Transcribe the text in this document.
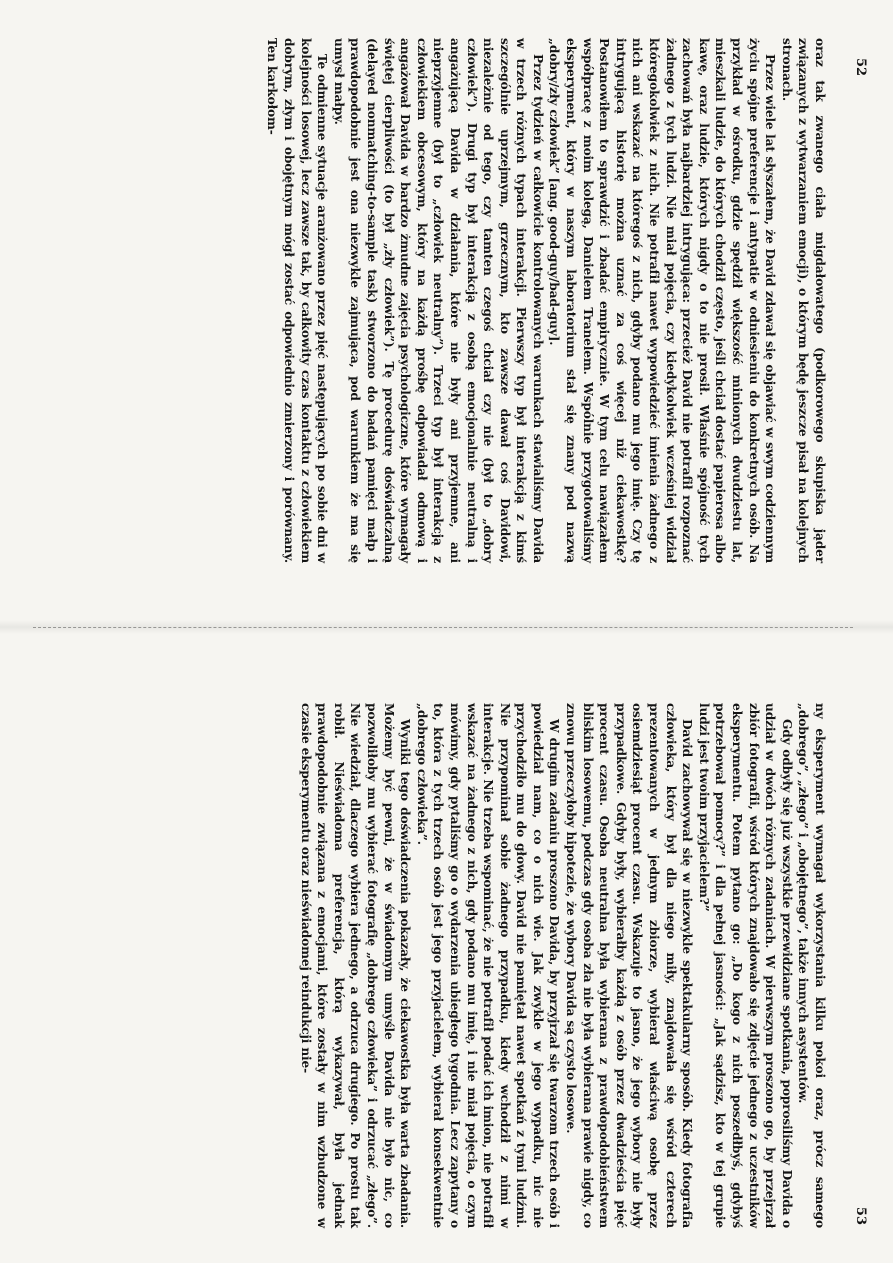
52

oraz tak zwanego ciała migdałowatego (podkorowego skupiska jąder związanych z wytwarzaniem emocji), o którym będę jeszcze pisał na kolejnych stronach.

Przez wiele lat słyszałem, że David zdawał się objawiać w swym codziennym życiu spójne preferencje i antypatie w odniesieniu do konkretnych osób. Na przykład w ośrodku, gdzie spędził większość minionych dwudziestu lat, mieszkali ludzie, do których chodził często, jeśli chciał dostać papierosa albo kawę, oraz ludzie, których nigdy o to nie prosił. Właśnie spójność tych zachowań była najbardziej intrygująca: przecież David nie potrafił rozpoznać żadnego z tych ludzi. Nie miał pojęcia, czy kiedykolwiek wcześniej widział któregokolwiek z nich. Nie potrafił nawet wypowiedzieć imienia żadnego z nich ani wskazać na któregoś z nich, gdyby podano mu jego imię. Czy tę intrygującą historię można uznać za coś więcej niż ciekawostkę? Postanowiłem to sprawdzić i zbadać empirycznie. W tym celu nawiązałem współpracę z moim kolegą, Danielem Tranelem. Wspólnie przygotowaliśmy eksperyment, który w naszym laboratorium stał się znany pod nazwą „dobry/zły człowiek” [ang. good-guy/bad-guy].

Przez tydzień w całkowicie kontrolowanych warunkach stawialiśmy Davida w trzech różnych typach interakcji. Pierwszy typ był interakcją z kimś szczególnie uprzejmym, grzecznym, kto zawsze dawał coś Davidowi, niezależnie od tego, czy tamten czegoś chciał czy nie (był to „dobry człowiek”). Drugi typ był interakcją z osobą emocjonalnie neutralną i angażującą Davida w działania, które nie były ani przyjemne, ani nieprzyjemne (był to „człowiek neutralny”). Trzeci typ był interakcją z człowiekiem obcesowym, który na każdą prośbę odpowiadał odmową i angażował Davida w bardzo żmudne zajęcia psychologiczne, które wymagały świętej cierpliwości (to był „zły człowiek”). Tę procedurę doświadczalną (delayed nonmatching-to-sample task) stworzono do badań pamięci małp i prawdopodobnie jest ona niezwykle zajmująca, pod warunkiem że ma się umysł małpy.

Te odmienne sytuacje aranżowano przez pięć następujących po sobie dni w kolejności losowej, lecz zawsze tak, by całkowity czas kontaktu z człowiekiem dobrym, złym i obojętnym mógł zostać odpowiednio zmierzony i porównany. Ten karkołom-

53

ny eksperyment wymagał wykorzystania kilku pokoi oraz, prócz samego „dobrego”, „złego” i „obojętnego”, także innych asystentów.

Gdy odbyły się już wszystkie przewidziane spotkania, poprosiliśmy Davida o udział w dwóch różnych zadaniach. W pierwszym proszono go, by przejrzał zbiór fotografii, wśród których znajdowało się zdjęcie jednego z uczestników eksperymentu. Potem pytano go: „Do kogo z nich poszedłbyś, gdybyś potrzebował pomocy?” i dla pełnej jasności: „Jak sądzisz, kto w tej grupie ludzi jest twoim przyjacielem?”

David zachowywał się w niezwykle spektakularny sposób. Kiedy fotografia człowieka, który był dla niego miły, znajdowała się wśród czterech prezentowanych w jednym zbiorze, wybierał właściwą osobę przez osiemdziesiąt procent czasu. Wskazuje to jasno, że jego wybory nie były przypadkowe. Gdyby były, wybierałby każdą z osób przez dwadzieścia pięć procent czasu. Osoba neutralna była wybierana z prawdopodobieństwem bliskim losowemu, podczas gdy osoba zła nie była wybierana prawie nigdy, co znowu przeczyłoby hipotezie, że wybory Davida są czysto losowe.

W drugim zadaniu proszono Davida, by przyjrzał się twarzom trzech osób i powiedział nam, co o nich wie. Jak zwykle w jego wypadku, nic nie przychodziło mu do głowy. David nie pamiętał nawet spotkań z tymi ludźmi. Nie przypominał sobie żadnego przypadku, kiedy wchodził z nimi w interakcje. Nie trzeba wspominać, że nie potrafił podać ich imion, nie potrafił wskazać na żadnego z nich, gdy podano mu imię, i nie miał pojęcia, o czym mówimy, gdy pytaliśmy go o wydarzenia ubiegłego tygodnia. Lecz zapytany o to, która z tych trzech osób jest jego przyjacielem, wybierał konsekwentnie „dobrego człowieka”.

Wyniki tego doświadczenia pokazały, że ciekawostka była warta zbadania. Możemy być pewni, że w świadomym umyśle Davida nie było nic, co pozwoliłoby mu wybierać fotografię „dobrego człowieka” i odrzucać „złego”. Nie wiedział, dlaczego wybiera jednego, a odrzuca drugiego. Po prostu tak robił. Nieświadoma preferencja, którą wykazywał, była jednak prawdopodobnie związana z emocjami, które zostały w nim wzbudzone w czasie eksperymentu oraz nieświadomej reindukcji nie-
